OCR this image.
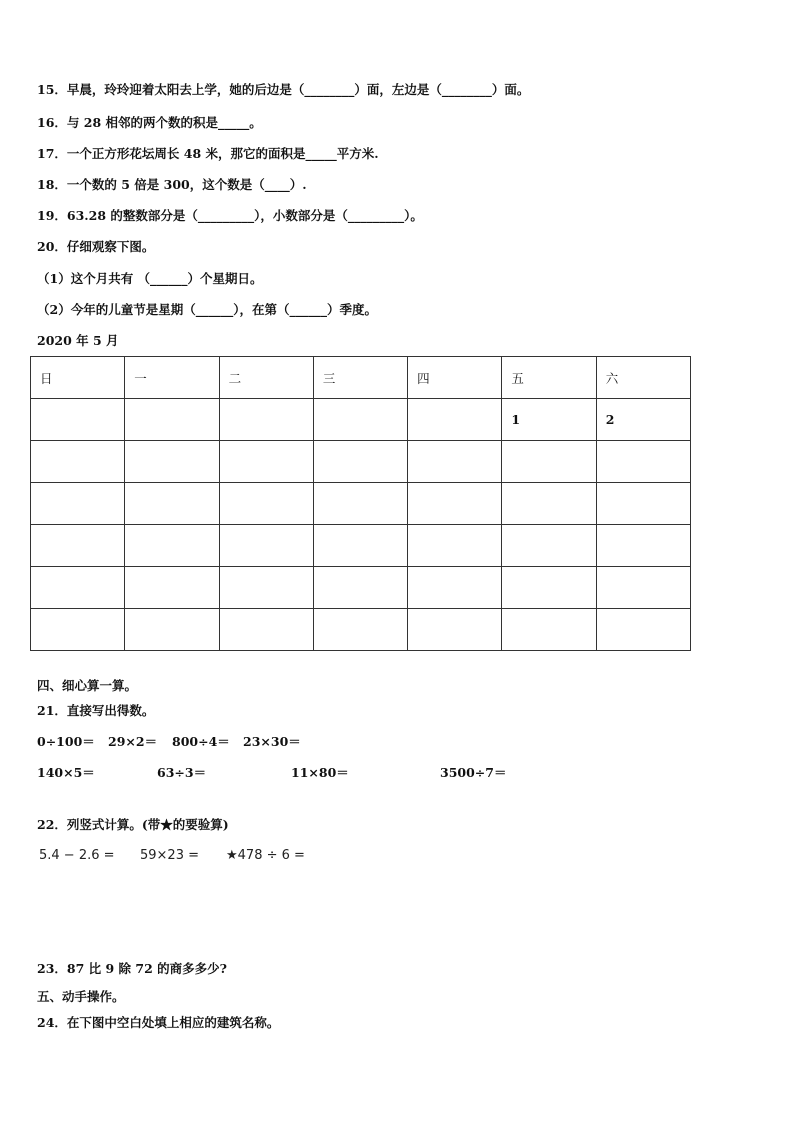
15．早晨，玲玲迎着太阳去上学，她的后边是（________）面，左边是（________）面。
16．与 28 相邻的两个数的积是_____。
17．一个正方形花坛周长 48 米，那它的面积是_____平方米.
18．一个数的 5 倍是 300，这个数是（____）.
19．63.28 的整数部分是（_________），小数部分是（_________）。
20．仔细观察下图。
（1）这个月共有 （______）个星期日。
（2）今年的儿童节是星期（______），在第（______）季度。
2020 年 5 月
日	一	二	三	四	五	六
					1	2

四、细心算一算。
21．直接写出得数。
0÷100＝ 29×2＝ 800÷4＝ 23×30＝
140×5＝	63÷3＝	11×80＝	3500÷7＝
22．列竖式计算。(带★的要验算)
5.4 − 2.6 = 59×23 = ★478 ÷ 6 =
23．87 比 9 除 72 的商多多少?
五、动手操作。
24．在下图中空白处填上相应的建筑名称。
